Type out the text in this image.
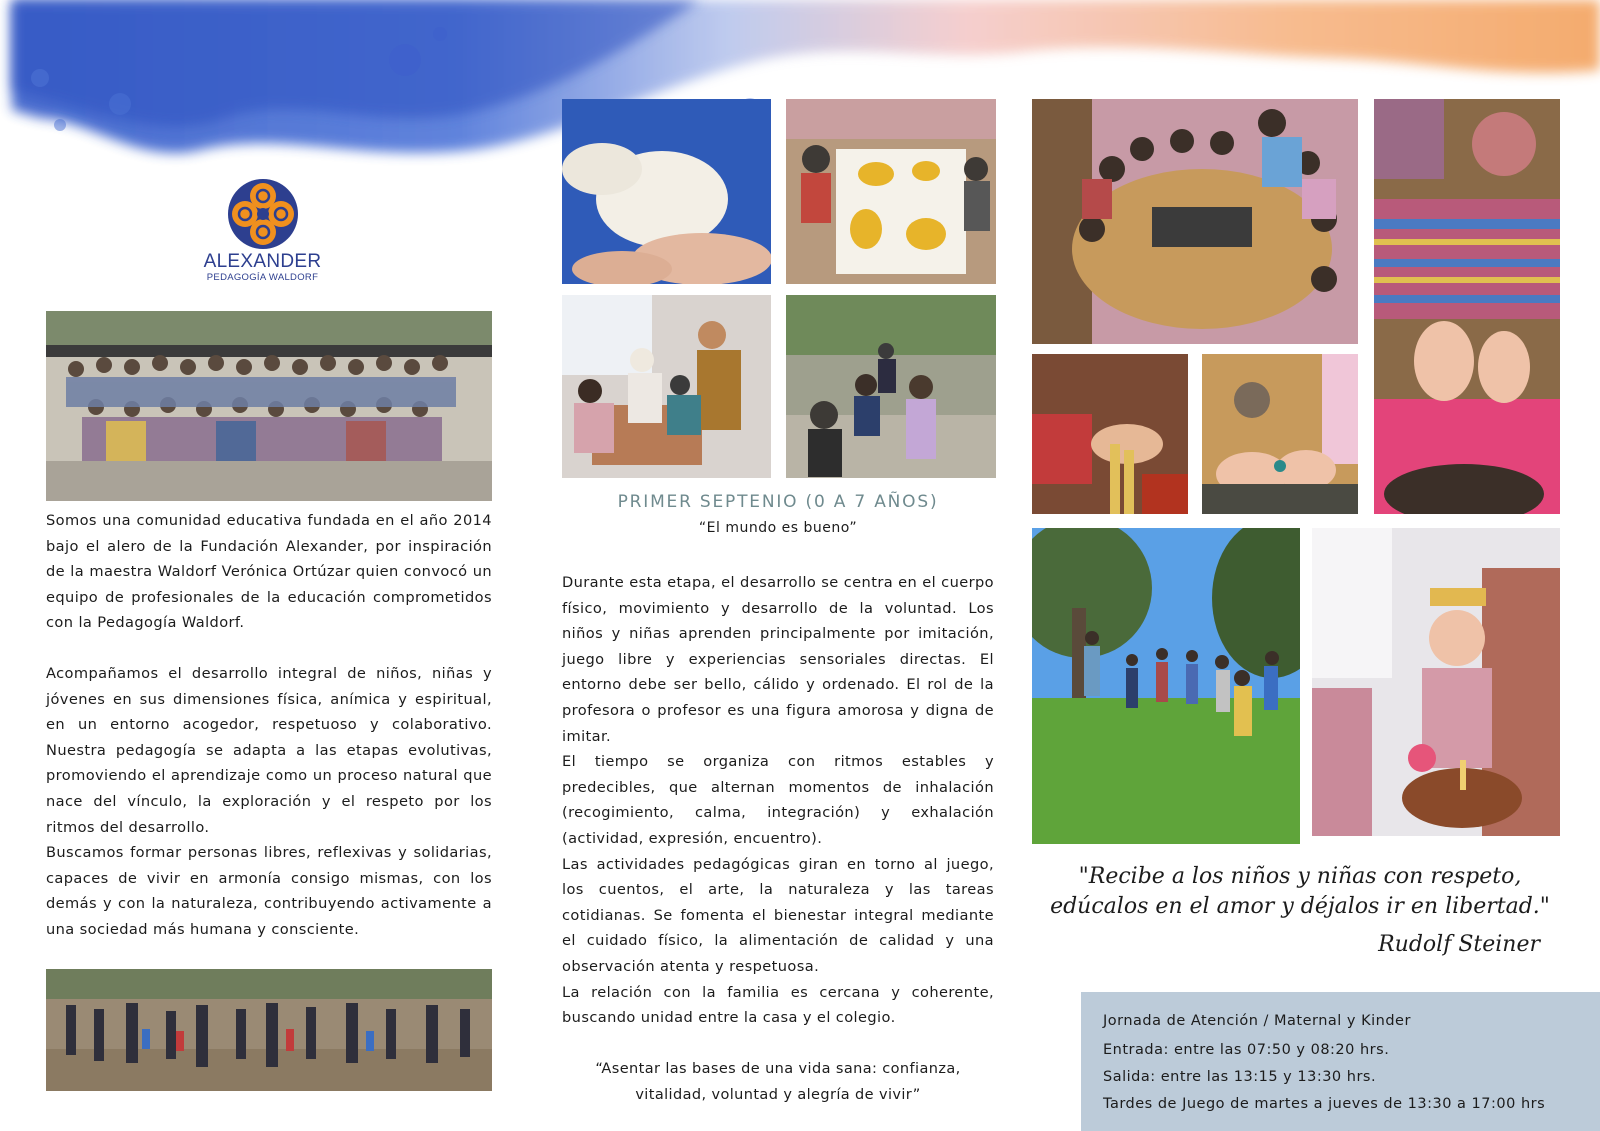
ALEXANDER
PEDAGOGÍA WALDORF

Somos una comunidad educativa fundada en el año 2014 bajo el alero de la Fundación Alexander, por inspiración de la maestra Waldorf Verónica Ortúzar quien convocó un equipo de profesionales de la educación comprometidos con la Pedagogía Waldorf.

Acompañamos el desarrollo integral de niños, niñas y jóvenes en sus dimensiones física, anímica y espiritual, en un entorno acogedor, respetuoso y colaborativo. Nuestra pedagogía se adapta a las etapas evolutivas, promoviendo el aprendizaje como un proceso natural que nace del vínculo, la exploración y el respeto por los ritmos del desarrollo.

Buscamos formar personas libres, reflexivas y solidarias, capaces de vivir en armonía consigo mismas, con los demás y con la naturaleza, contribuyendo activamente a una sociedad más humana y consciente.

PRIMER SEPTENIO (0 A 7 AÑOS)
“El mundo es bueno”

Durante esta etapa, el desarrollo se centra en el cuerpo físico, movimiento y desarrollo de la voluntad. Los niños y niñas aprenden principalmente por imitación, juego libre y experiencias sensoriales directas. El entorno debe ser bello, cálido y ordenado. El rol de la profesora o profesor es una figura amorosa y digna de imitar.

El tiempo se organiza con ritmos estables y predecibles, que alternan momentos de inhalación (recogimiento, calma, integración) y exhalación (actividad, expresión, encuentro).

Las actividades pedagógicas giran en torno al juego, los cuentos, el arte, la naturaleza y las tareas cotidianas. Se fomenta el bienestar integral mediante el cuidado físico, la alimentación de calidad y una observación atenta y respetuosa.

La relación con la familia es cercana y coherente, buscando unidad entre la casa y el colegio.

“Asentar las bases de una vida sana: confianza, vitalidad, voluntad y alegría de vivir”
"Recibe a los niños y niñas con respeto, edúcalos en el amor y déjalos ir en libertad."
Rudolf Steiner
Jornada de Atención / Maternal y Kinder
Entrada: entre las 07:50 y 08:20 hrs.
Salida: entre las 13:15 y 13:30 hrs.
Tardes de Juego de martes a jueves de 13:30 a 17:00 hrs
